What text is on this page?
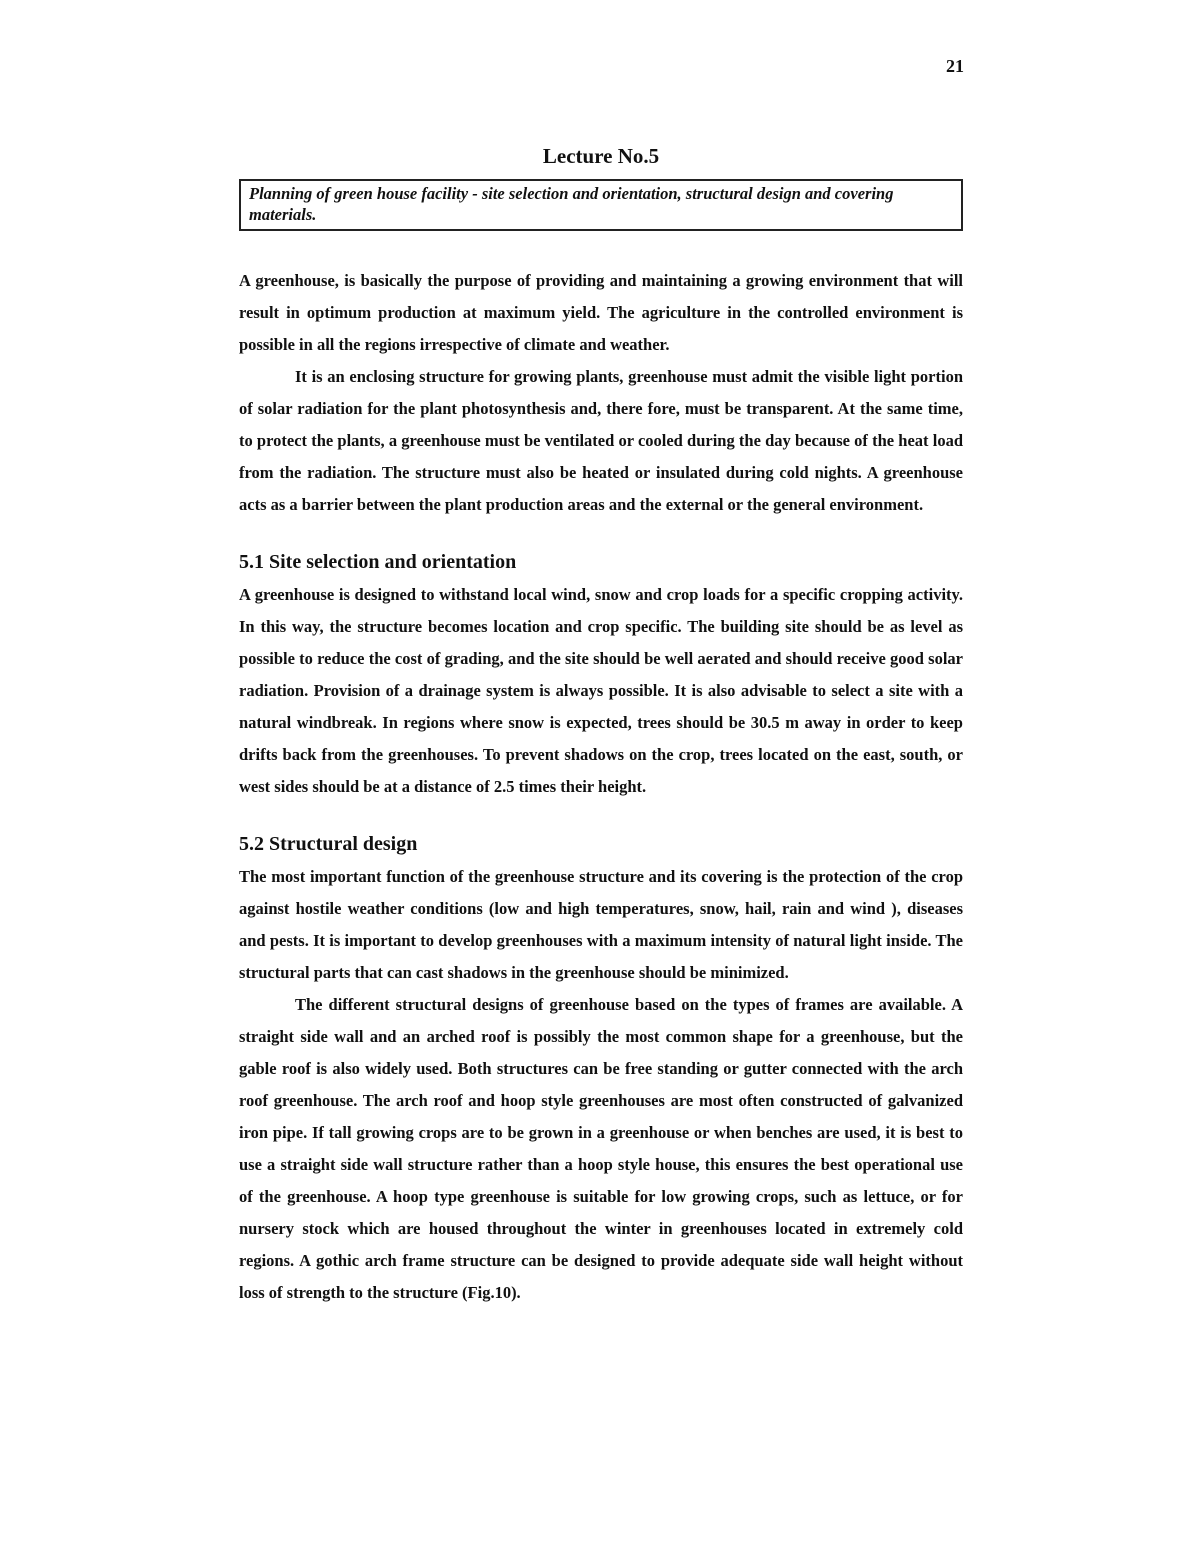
21
Lecture No.5
Planning of green house facility - site selection and orientation, structural design and covering materials.

A greenhouse, is basically the purpose of providing and maintaining a growing environment that will result in optimum production at maximum yield. The agriculture in the controlled environment is possible in all the regions irrespective of climate and weather.

It is an enclosing structure for growing plants, greenhouse must admit the visible light portion of solar radiation for the plant photosynthesis and, there fore, must be transparent. At the same time, to protect the plants, a greenhouse must be ventilated or cooled during the day because of the heat load from the radiation. The structure must also be heated or insulated during cold nights. A greenhouse acts as a barrier between the plant production areas and the external or the general environment.

5.1 Site selection and orientation

A greenhouse is designed to withstand local wind, snow and crop loads for a specific cropping activity. In this way, the structure becomes location and crop specific. The building site should be as level as possible to reduce the cost of grading, and the site should be well aerated and should receive good solar radiation. Provision of a drainage system is always possible. It is also advisable to select a site with a natural windbreak. In regions where snow is expected, trees should be 30.5 m away in order to keep drifts back from the greenhouses. To prevent shadows on the crop, trees located on the east, south, or west sides should be at a distance of 2.5 times their height.

5.2 Structural design

The most important function of the greenhouse structure and its covering is the protection of the crop against hostile weather conditions (low and high temperatures, snow, hail, rain and wind ), diseases and pests. It is important to develop greenhouses with a maximum intensity of natural light inside. The structural parts that can cast shadows in the greenhouse should be minimized.

The different structural designs of greenhouse based on the types of frames are available. A straight side wall and an arched roof is possibly the most common shape for a greenhouse, but the gable roof is also widely used. Both structures can be free standing or gutter connected with the arch roof greenhouse. The arch roof and hoop style greenhouses are most often constructed of galvanized iron pipe. If tall growing crops are to be grown in a greenhouse or when benches are used, it is best to use a straight side wall structure rather than a hoop style house, this ensures the best operational use of the greenhouse. A hoop type greenhouse is suitable for low growing crops, such as lettuce, or for nursery stock which are housed throughout the winter in greenhouses located in extremely cold regions. A gothic arch frame structure can be designed to provide adequate side wall height without loss of strength to the structure (Fig.10).
